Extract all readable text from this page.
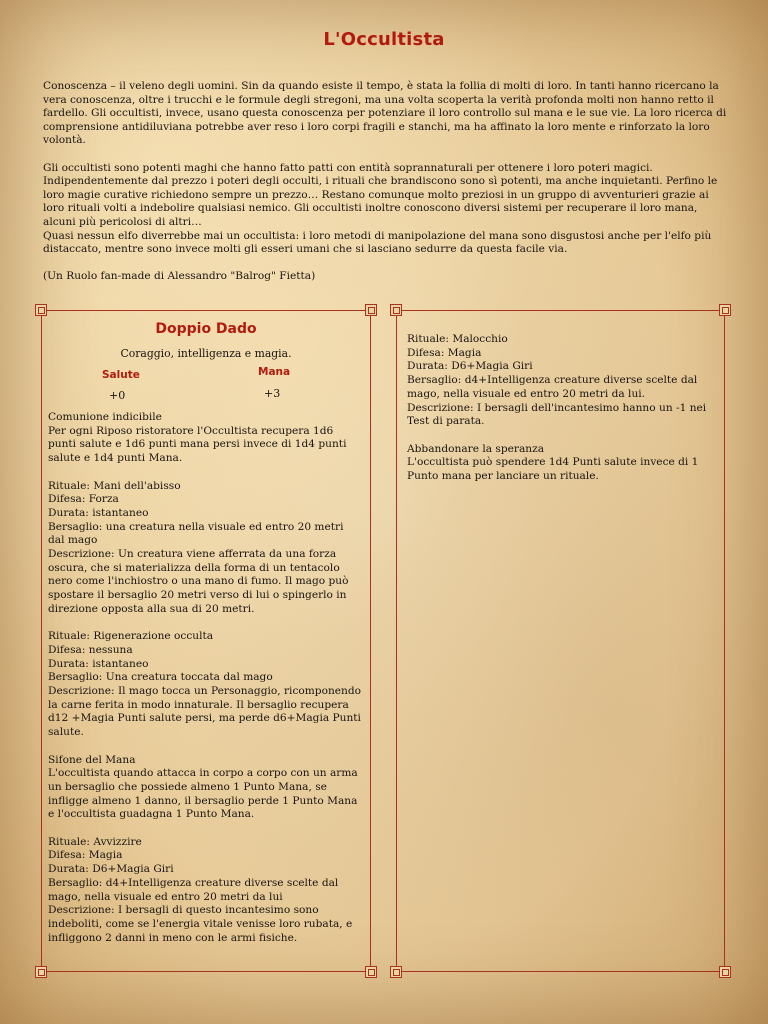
L'Occultista

Conoscenza – il veleno degli uomini. Sin da quando esiste il tempo, è stata la follia di molti di loro. In tanti hanno ricercano la vera conoscenza, oltre i trucchi e le formule degli stregoni, ma una volta scoperta la verità profonda molti non hanno retto il fardello. Gli occultisti, invece, usano questa conoscenza per potenziare il loro controllo sul mana e le sue vie. La loro ricerca di comprensione antidiluviana potrebbe aver reso i loro corpi fragili e stanchi, ma ha affinato la loro mente e rinforzato la loro volontà.

Gli occultisti sono potenti maghi che hanno fatto patti con entità soprannaturali per ottenere i loro poteri magici. Indipendentemente dal prezzo i poteri degli occulti, i rituali che brandiscono sono sì potenti, ma anche inquietanti. Perfino le loro magie curative richiedono sempre un prezzo… Restano comunque molto preziosi in un gruppo di avventurieri grazie ai loro rituali volti a indebolire qualsiasi nemico. Gli occultisti inoltre conoscono diversi sistemi per recuperare il loro mana, alcuni più pericolosi di altri…

Quasi nessun elfo diverrebbe mai un occultista: i loro metodi di manipolazione del mana sono disgustosi anche per l'elfo più distaccato, mentre sono invece molti gli esseri umani che si lasciano sedurre da questa facile via.

(Un Ruolo fan-made di Alessandro "Balrog" Fietta)

Doppio Dado
Coraggio, intelligenza e magia.
Salute
+0
Mana
+3

Comunione indicibile
Per ogni Riposo ristoratore l'Occultista recupera 1d6 punti salute e 1d6 punti mana persi invece di 1d4 punti salute e 1d4 punti Mana.

Rituale: Mani dell'abisso
Difesa: Forza
Durata: istantaneo
Bersaglio: una creatura nella visuale ed entro 20 metri dal mago
Descrizione: Un creatura viene afferrata da una forza oscura, che si materializza della forma di un tentacolo nero come l'inchiostro o una mano di fumo. Il mago può spostare il bersaglio 20 metri verso di lui o spingerlo in direzione opposta alla sua di 20 metri.

Rituale: Rigenerazione occulta
Difesa: nessuna
Durata: istantaneo
Bersaglio: Una creatura toccata dal mago
Descrizione: Il mago tocca un Personaggio, ricomponendo la carne ferita in modo innaturale. Il bersaglio recupera d12 +Magia Punti salute persi, ma perde d6+Magia Punti salute.

Sifone del Mana
L'occultista quando attacca in corpo a corpo con un arma un bersaglio che possiede almeno 1 Punto Mana, se infligge almeno 1 danno, il bersaglio perde 1 Punto Mana e l'occultista guadagna 1 Punto Mana.

Rituale: Avvizzire
Difesa: Magia
Durata: D6+Magia Giri
Bersaglio: d4+Intelligenza creature diverse scelte dal mago, nella visuale ed entro 20 metri da lui
Descrizione: I bersagli di questo incantesimo sono indeboliti, come se l'energia vitale venisse loro rubata, e infliggono 2 danni in meno con le armi fisiche.

Rituale: Malocchio
Difesa: Magia
Durata: D6+Magia Giri
Bersaglio: d4+Intelligenza creature diverse scelte dal mago, nella visuale ed entro 20 metri da lui.
Descrizione: I bersagli dell'incantesimo hanno un -1 nei Test di parata.

Abbandonare la speranza
L'occultista può spendere 1d4 Punti salute invece di 1 Punto mana per lanciare un rituale.
